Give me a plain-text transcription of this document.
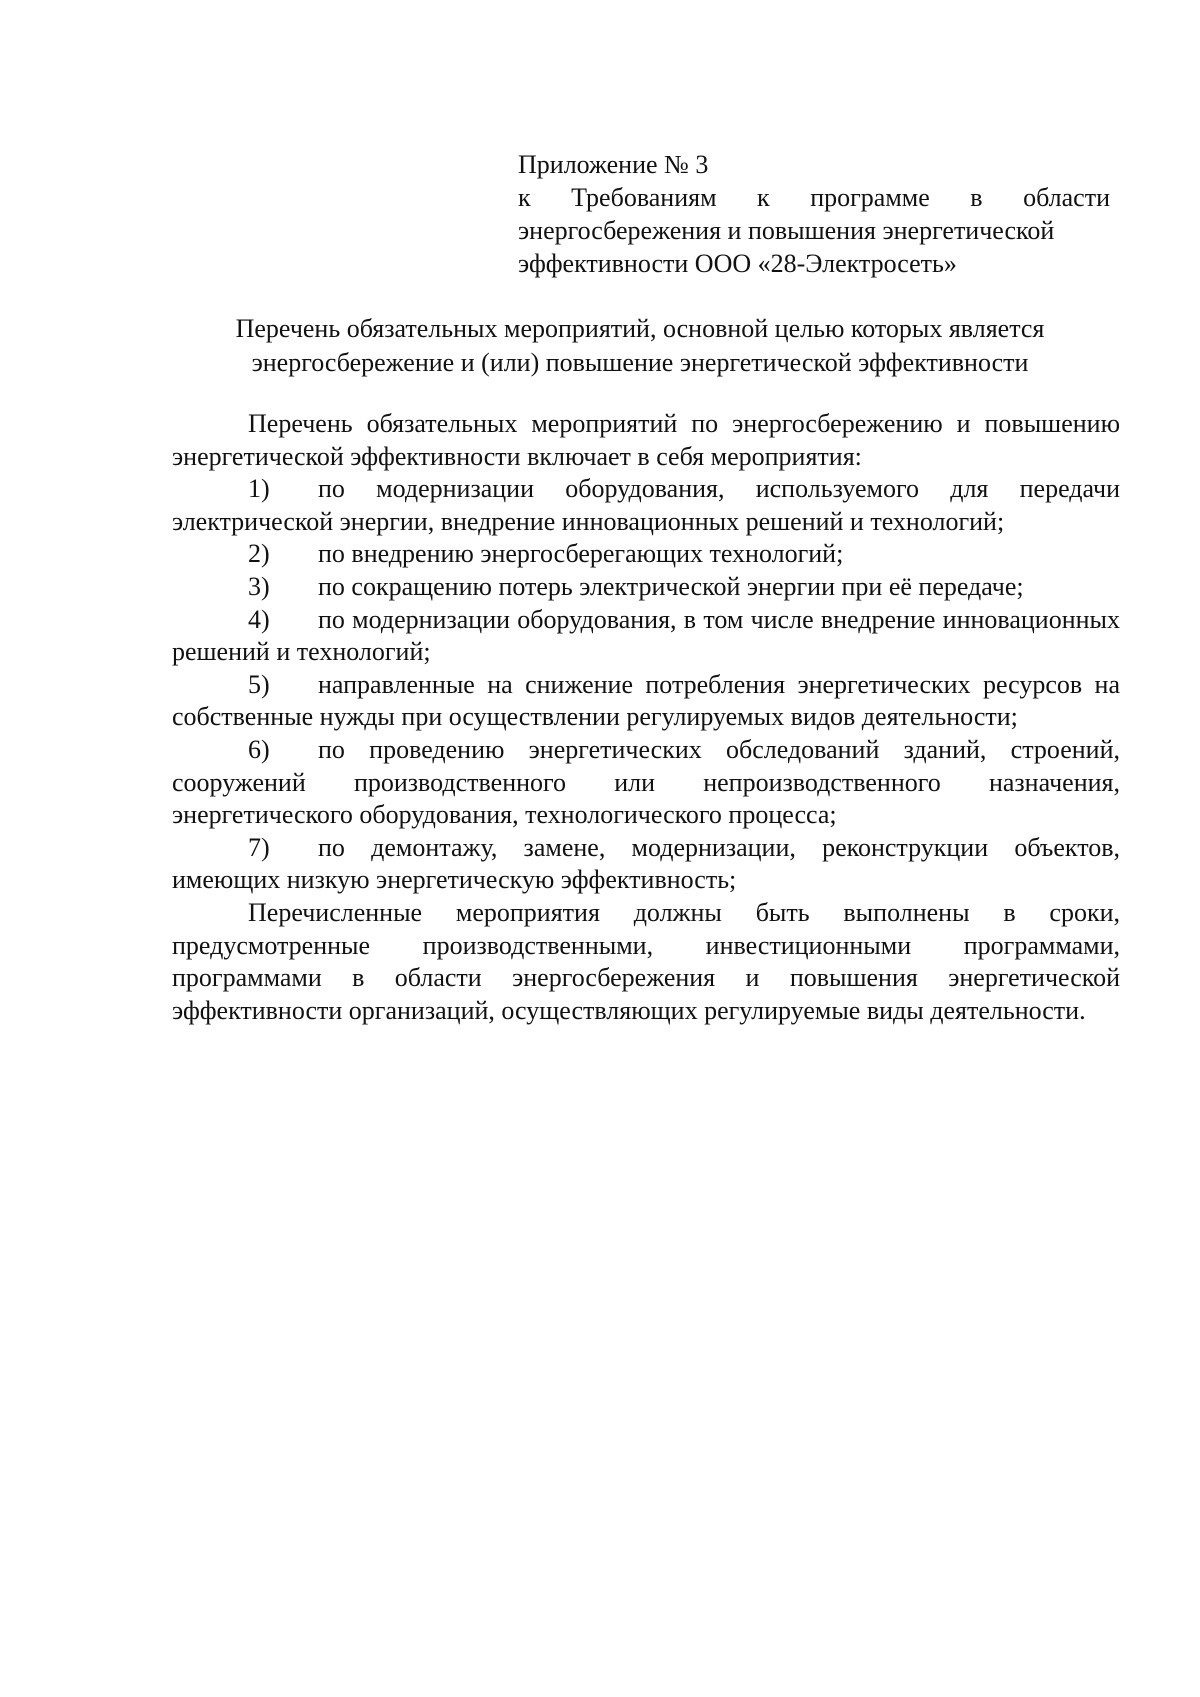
Приложение № 3
к Требованиям к программе в области
энергосбережения и повышения энергетической
эффективности ООО «28-Электросеть»
Перечень обязательных мероприятий, основной целью которых является
энергосбережение и (или) повышение энергетической эффективности

Перечень обязательных мероприятий по энергосбережению и повышению энергетической эффективности включает в себя мероприятия:

1) по модернизации оборудования, используемого для передачи электрической энергии, внедрение инновационных решений и технологий;

2) по внедрению энергосберегающих технологий;

3) по сокращению потерь электрической энергии при её передаче;

4) по модернизации оборудования, в том числе внедрение инновационных решений и технологий;

5) направленные на снижение потребления энергетических ресурсов на собственные нужды при осуществлении регулируемых видов деятельности;

6) по проведению энергетических обследований зданий, строений, сооружений производственного или непроизводственного назначения, энергетического оборудования, технологического процесса;

7) по демонтажу, замене, модернизации, реконструкции объектов, имеющих низкую энергетическую эффективность;

Перечисленные мероприятия должны быть выполнены в сроки, предусмотренные производственными, инвестиционными программами, программами в области энергосбережения и повышения энергетической эффективности организаций, осуществляющих регулируемые виды деятельности.
